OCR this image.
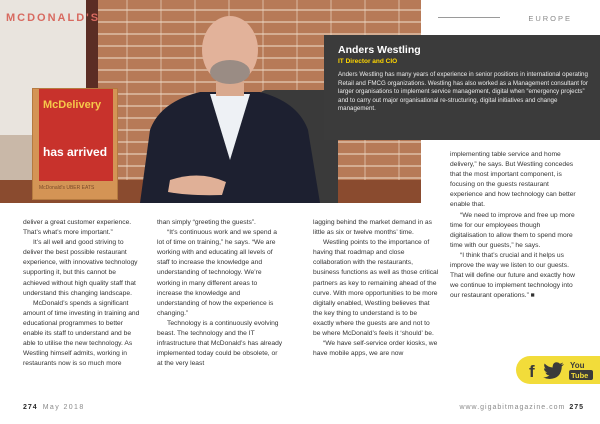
MCDONALD'S
McDelivery
has arrived
McDonald's UBER EATS
EUROPE
Anders Westling
IT Director and CIO
Anders Westling has many years of experience in senior positions in international operating Retail and FMCG organizations. Westling has also worked as a Management consultant for larger organisations to implement service management, digital when “emergency projects” and to carry out major organisational re-structuring, digital initiatives and change management.

deliver a great customer experience. That’s what’s more important.”

It’s all well and good striving to deliver the best possible restaurant experience, with innovative technology supporting it, but this cannot be achieved without high quality staff that understand this changing landscape.

McDonald’s spends a significant amount of time investing in training and educational programmes to better enable its staff to understand and be able to utilise the new technology. As Westling himself admits, working in restaurants now is so much more

than simply “greeting the guests”.

“It’s continuous work and we spend a lot of time on training,” he says. “We are working with and educating all levels of staff to increase the knowledge and understanding of technology. We’re working in many different areas to increase the knowledge and understanding of how the experience is changing.”

Technology is a continuously evolving beast. The technology and the IT infrastructure that McDonald’s has already implemented today could be obsolete, or at the very least

lagging behind the market demand in as little as six or twelve months’ time.

Westling points to the importance of having that roadmap and close collaboration with the restaurants, business functions as well as those critical partners as key to remaining ahead of the curve. With more opportunities to be more digitally enabled, Westling believes that the key thing to understand is to be exactly where the guests are and not to be where McDonald’s feels it ‘should’ be.

“We have self-service order kiosks, we have mobile apps, we are now

implementing table service and home delivery,” he says. But Westling concedes that the most important component, is focusing on the guests restaurant experience and how technology can better enable that.

“We need to improve and free up more time for our employees though digitalisation to allow them to spend more time with our guests,” he says.

“I think that’s crucial and it helps us improve the way we listen to our guests. That will define our future and exactly how we continue to implement technology into our restaurant operations.” ■

f	You
Tube
274 May 2018	www.gigabitmagazine.com 275
